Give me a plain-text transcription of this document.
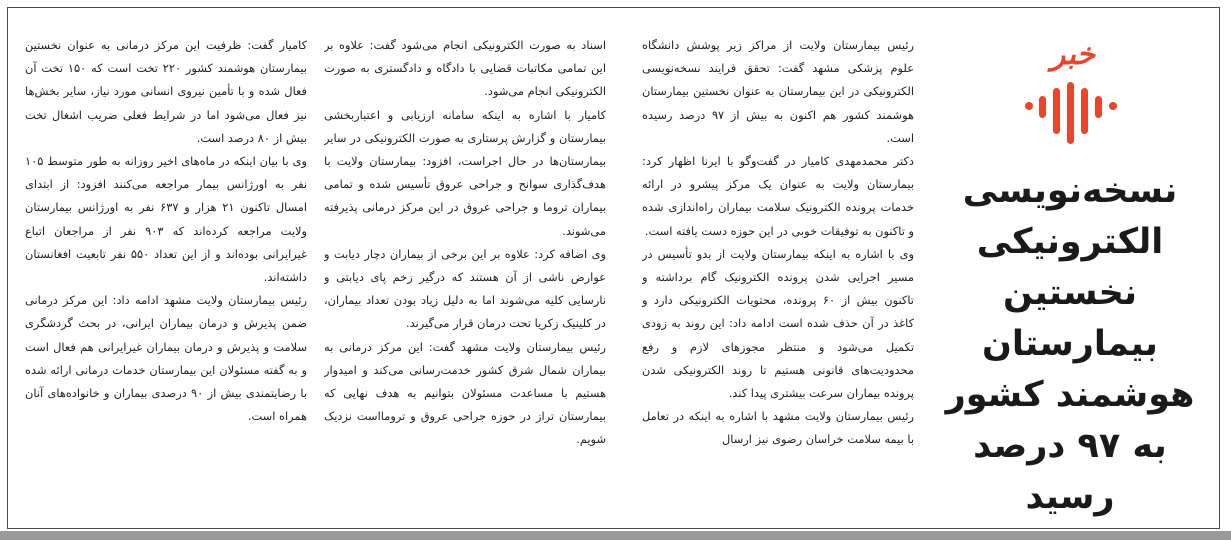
خبر
نسخه‌نویسی الکترونیکی نخستین بیمارستان هوشمند کشور به ۹۷ درصد رسید

رئیس بیمارستان ولایت از مراکز زیر پوشش دانشگاه علوم پزشکی مشهد گفت: تحقق فرایند نسخه‌نویسی الکترونیکی در این بیمارستان به عنوان نخستین بیمارستان هوشمند کشور هم اکنون به بیش از ۹۷ درصد رسیده است.

دکتر محمدمهدی کامیار در گفت‌وگو با ایرنا اظهار کرد: بیمارستان ولایت به عنوان یک مرکز پیشرو در ارائه خدمات پرونده الکترونیک سلامت بیماران راه‌اندازی شده و تاکنون به توفیقات خوبی در این حوزه دست یافته است.

وی با اشاره به اینکه بیمارستان ولایت از بدو تأسیس در مسیر اجرایی شدن پرونده الکترونیک گام برداشته و تاکنون بیش از ۶۰ پرونده، محتویات الکترونیکی دارد و کاغذ در آن حذف شده است ادامه داد: این روند به زودی تکمیل می‌شود و منتظر مجوزهای لازم و رفع محدودیت‌های قانونی هستیم تا روند الکترونیکی شدن پرونده بیماران سرعت بیشتری پیدا کند.

رئیس بیمارستان ولایت مشهد با اشاره به اینکه در تعامل با بیمه سلامت خراسان رضوی نیز ارسال

اسناد به صورت الکترونیکی انجام می‌شود گفت: علاوه بر این تمامی مکاتبات قضایی با دادگاه و دادگستری به صورت الکترونیکی انجام می‌شود.

کامیار با اشاره به اینکه سامانه ارزیابی و اعتباربخشی بیمارستان و گزارش پرستاری به صورت الکترونیکی در سایر بیمارستان‌ها در حال اجراست، افزود: بیمارستان ولایت با هدف‌گذاری سوانح و جراحی عروق تأسیس شده و تمامی بیماران تروما و جراحی عروق در این مرکز درمانی پذیرفته می‌شوند.

وی اضافه کرد: علاوه بر این برخی از بیماران دچار دیابت و عوارض ناشی از آن هستند که درگیر زخم پای دیابتی و نارسایی کلیه می‌شوند اما به دلیل زیاد بودن تعداد بیماران، در کلینیک زکریا تحت درمان قرار می‌گیرند.

رئیس بیمارستان ولایت مشهد گفت: این مرکز درمانی به بیماران شمال شرق کشور خدمت‌رسانی می‌کند و امیدوار هستیم با مساعدت مسئولان بتوانیم به هدف نهایی که بیمارستان تراز در حوزه جراحی عروق و ترومااست نزدیک شویم.

کامیار گفت: ظرفیت این مرکز درمانی به عنوان نخستین بیمارستان هوشمند کشور ۲۲۰ تخت است که ۱۵۰ تخت آن فعال شده و با تأمین نیروی انسانی مورد نیاز، سایر بخش‌ها نیز فعال می‌شود اما در شرایط فعلی ضریب اشغال تخت بیش از ۸۰ درصد است.

وی با بیان اینکه در ماه‌های اخیر روزانه به طور متوسط ۱۰۵ نفر به اورژانس بیمار مراجعه می‌کنند افزود: از ابتدای امسال تاکنون ۲۱ هزار و ۶۳۷ نفر به اورژانس بیمارستان ولایت مراجعه کرده‌اند که ۹۰۳ نفر از مراجعان اتباع غیرایرانی بوده‌اند و از این تعداد ۵۵۰ نفر تابعیت افغانستان داشته‌اند.

رئیس بیمارستان ولایت مشهد ادامه داد: این مرکز درمانی ضمن پذیرش و درمان بیماران ایرانی، در بحث گردشگری سلامت و پذیرش و درمان بیماران غیرایرانی هم فعال است و به گفته مسئولان این بیمارستان خدمات درمانی ارائه شده با رضایتمندی بیش از ۹۰ درصدی بیماران و خانواده‌های آنان همراه است.
